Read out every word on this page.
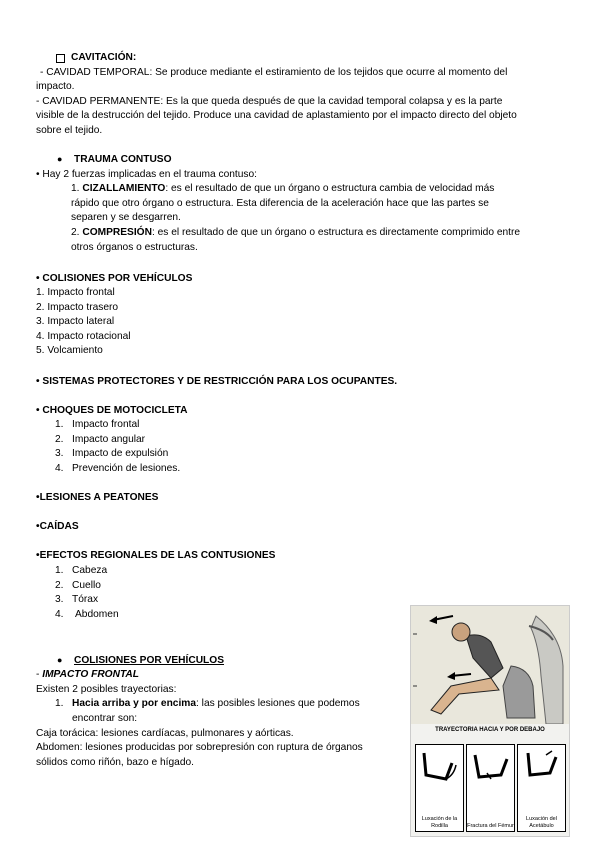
CAVITACIÓN:
- CAVIDAD TEMPORAL: Se produce mediante el estiramiento de los tejidos que ocurre al momento del
impacto.
- CAVIDAD PERMANENTE: Es la que queda después de que la cavidad temporal colapsa y es la parte
visible de la destrucción del tejido. Produce una cavidad de aplastamiento por el impacto directo del objeto
sobre el tejido.
● TRAUMA CONTUSO
• Hay 2 fuerzas implicadas en el trauma contuso:
1. CIZALLAMIENTO: es el resultado de que un órgano o estructura cambia de velocidad más
rápido que otro órgano o estructura. Esta diferencia de la aceleración hace que las partes se
separen y se desgarren.
2. COMPRESIÓN: es el resultado de que un órgano o estructura es directamente comprimido entre
otros órganos o estructuras.
• COLISIONES POR VEHÍCULOS
1. Impacto frontal
2. Impacto trasero
3. Impacto lateral
4. Impacto rotacional
5. Volcamiento
• SISTEMAS PROTECTORES Y DE RESTRICCIÓN PARA LOS OCUPANTES.
• CHOQUES DE MOTOCICLETA
1. Impacto frontal
2. Impacto angular
3. Impacto de expulsión
4. Prevención de lesiones.
•LESIONES A PEATONES
•CAÍDAS
•EFECTOS REGIONALES DE LAS CONTUSIONES
1. Cabeza
2. Cuello
3. Tórax
4. Abdomen
● COLISIONES POR VEHÍCULOS
- IMPACTO FRONTAL
Existen 2 posibles trayectorias:
1. Hacia arriba y por encima: las posibles lesiones que podemos
encontrar son:
Caja torácica: lesiones cardíacas, pulmonares y aórticas.
Abdomen: lesiones producidas por sobrepresión con ruptura de órganos
sólidos como riñón, bazo e hígado.
TRAYECTORIA HACIA Y POR DEBAJO
Luxación de la Rodilla	Fractura del Fémur
Luxación del Acetábulo
